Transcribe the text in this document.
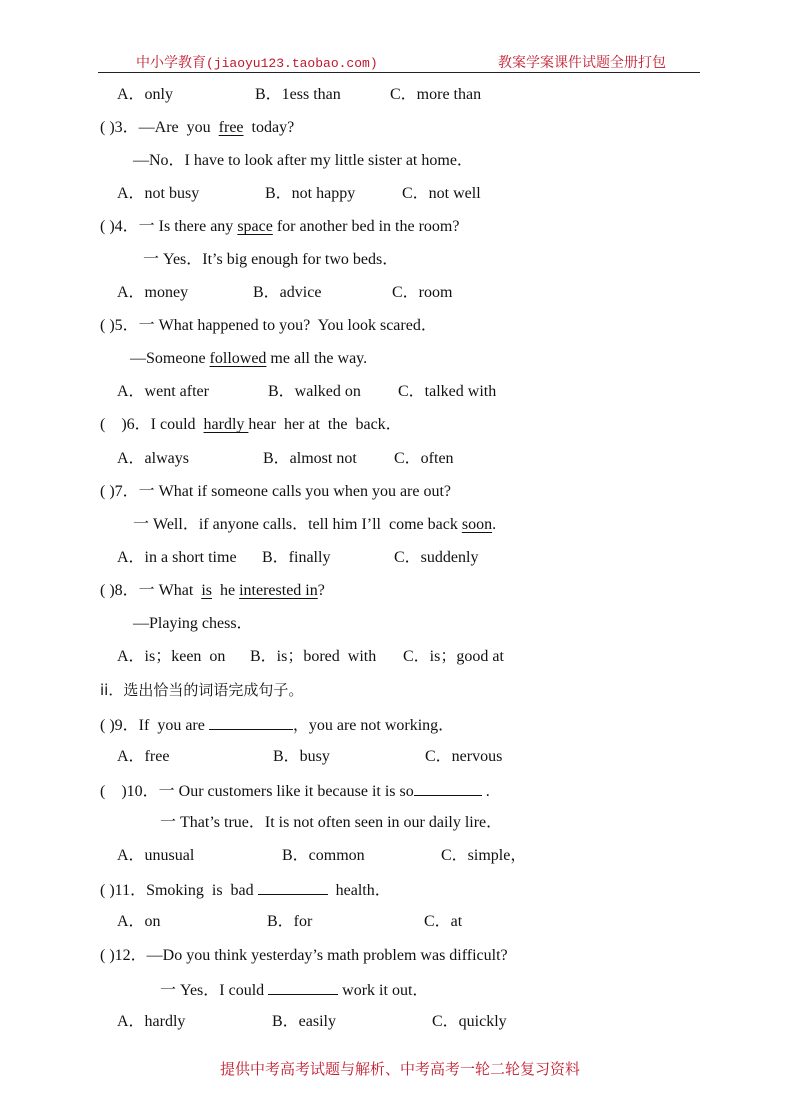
中小学教育(jiaoyu123.taobao.com)	教案学案课件试题全册打包
A．only	B．1ess than	C．more than
( )3．—Are  you  free  today?
—No．I have to look after my little sister at home．
A．not busy	B．not happy	C．not well
( )4．一 Is there any space for another bed in the room?
一 Yes．It’s big enough for two beds．
A．money	B．advice	C．room
( )5．一 What happened to you?  You look scared．
—Someone followed me all the way.
A．went after	B．walked on C．talked with
(    )6．I could  hardly hear  her at  the  back．
A．always	B．almost not C．often
( )7．一 What if someone calls you when you are out?
一 Well．if anyone calls．tell him I’ll  come back soon.
A．in a short time B．finally	C．suddenly
( )8．一 What  is  he interested in?
—Playing chess．
A．is；keen  on B．is；bored  with C．is；good at
ii．选出恰当的词语完成句子。
( )9．If  you are	，you are not working．
A．free	B．busy	C．nervous
(    )10．一 Our customers like it because it is so	.
一 That’s true．It is not often seen in our daily lire．
A．unusual	B．common	C．simple，
( )11．Smoking  is  bad	health．
A．on	B．for	C．at
( )12．—Do you think yesterday’s math problem was difficult?
一 Yes．I could	work it out．
A．hardly	B．easily	C．quickly
提供中考高考试题与解析、中考高考一轮二轮复习资料
